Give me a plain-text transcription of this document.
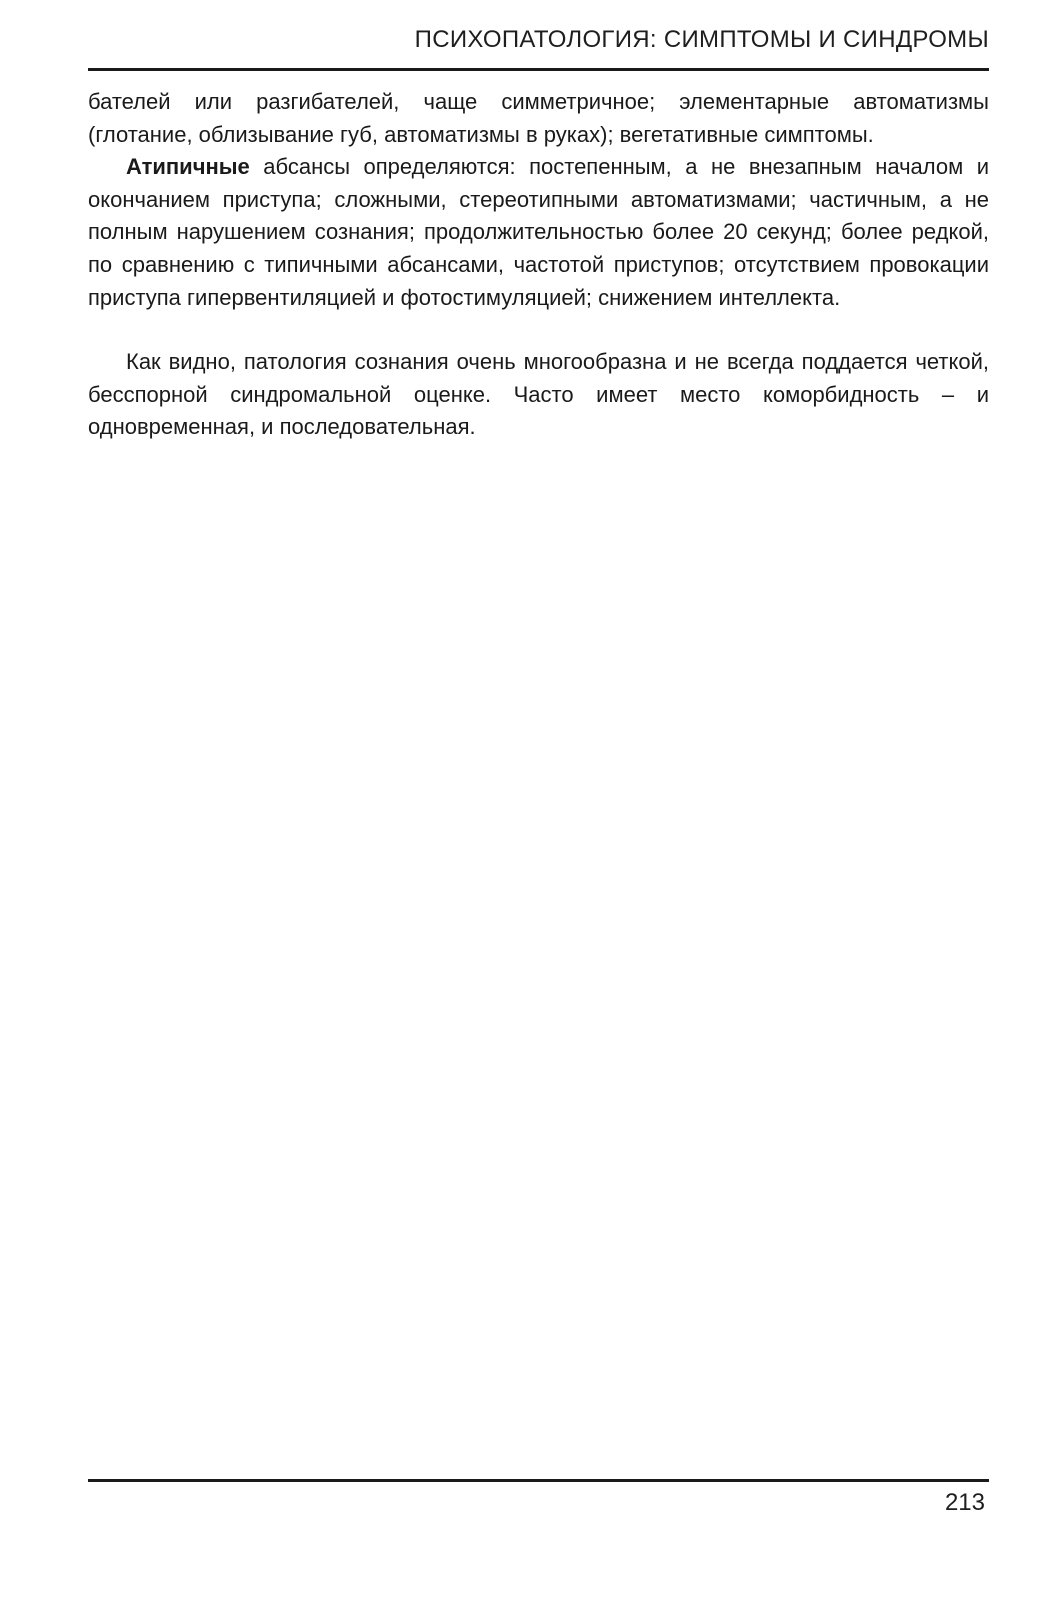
ПСИХОПАТОЛОГИЯ: СИМПТОМЫ И СИНДРОМЫ

бателей или разгибателей, чаще симметричное; элементарные автоматизмы (глотание, облизывание губ, автоматизмы в руках); вегетативные симптомы.

Атипичные абсансы определяются: постепенным, а не внезапным началом и окончанием приступа; сложными, стереотипными автоматизмами; частичным, а не полным нарушением сознания; продолжительностью более 20 секунд; более редкой, по сравнению с типичными абсансами, частотой приступов; отсутствием провокации приступа гипервентиляцией и фотостимуляцией; снижением интеллекта.

Как видно, патология сознания очень многообразна и не всегда поддается четкой, бесспорной синдромальной оценке. Часто имеет место коморбидность – и одновременная, и последовательная.

213
